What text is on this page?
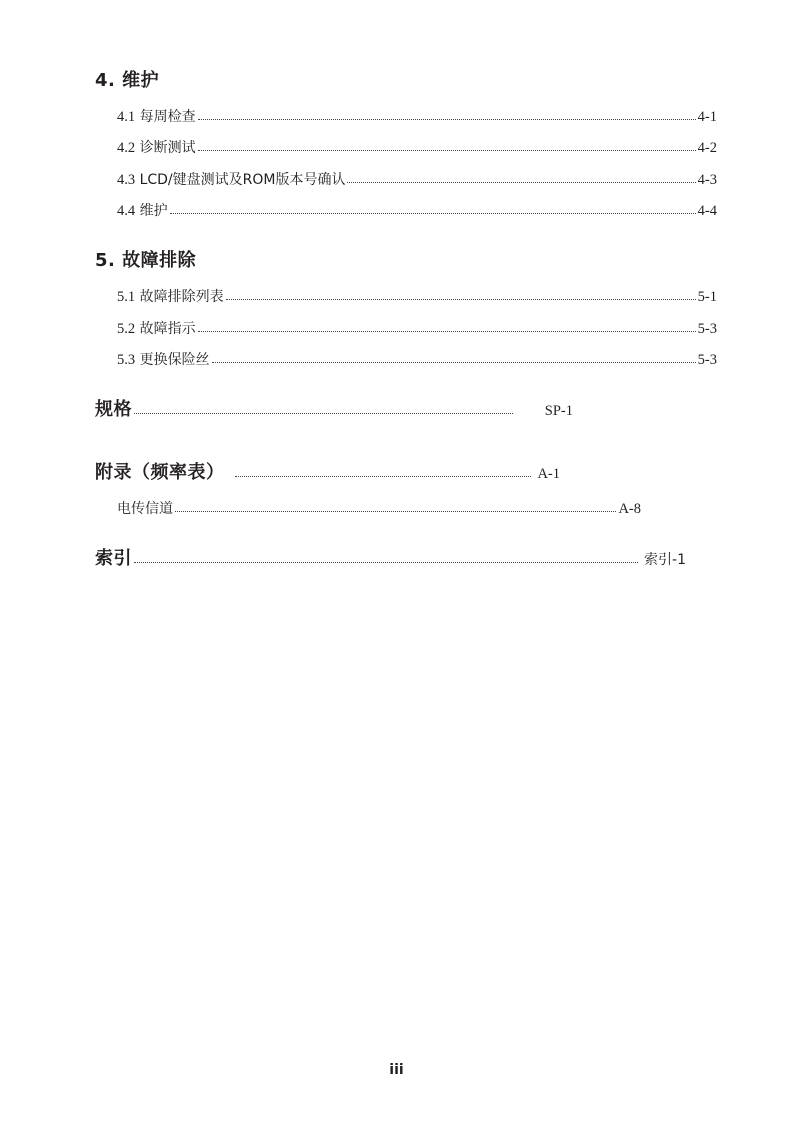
4. 维护
4.1 每周检查	4-1
4.2 诊断测试	4-2
4.3 LCD/键盘测试及ROM版本号确认	4-3
4.4 维护	4-4
5. 故障排除
5.1 故障排除列表	5-1
5.2 故障指示	5-3
5.3 更换保险丝	5-3
规格	SP-1
附录（频率表）	A-1
电传信道	A-8
索引	索引-1
iii
